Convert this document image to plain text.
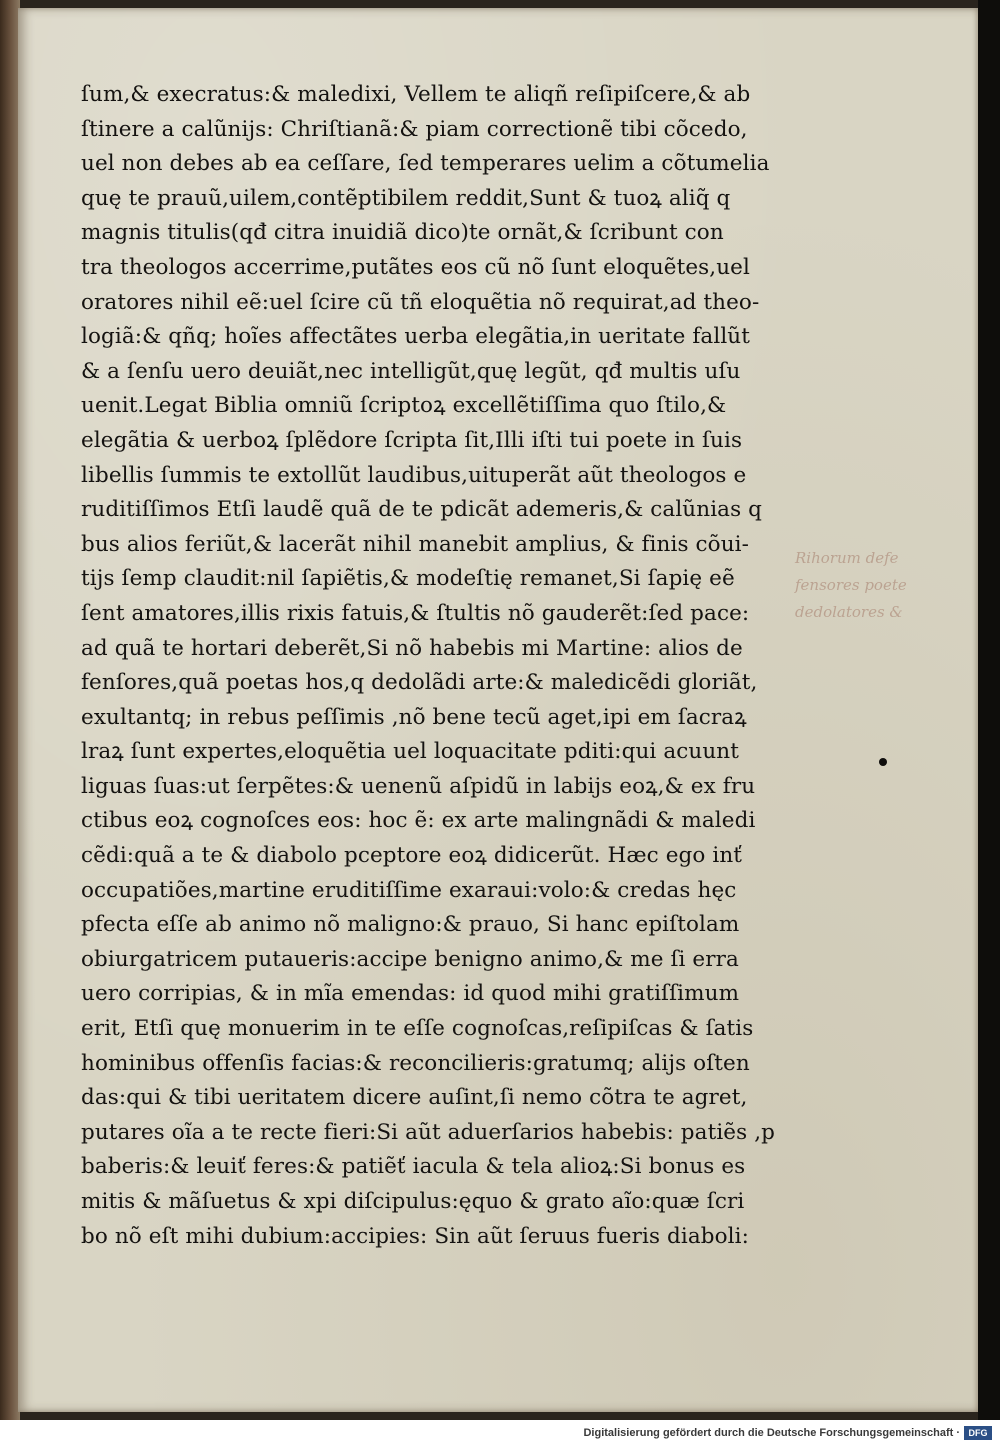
ſum,& execratus:& maledixi, Vellem te aliqñ reſipiſcere,& ab
ſtinere a calũnijs: Chriſtianã:& piam correctionẽ tibi cõcedo,
uel non debes ab ea ceſſare, ſed temperares uelim a cõtumelia
quę te prauũ,uilem,contẽptibilem reddit,Sunt & tuoꝝ aliq̃ q
magnis titulis(qđ citra inuidiã dico)te ornãt,& ſcribunt con
tra theologos accerrime,putãtes eos cũ nõ ſunt eloquẽtes,uel
oratores nihil eẽ:uel ſcire cũ tñ eloquẽtia nõ requirat,ad theo-
logiã:& qñq; hoĩes affectãtes uerba elegãtia,in ueritate fallũt
& a ſenſu uero deuiãt,nec intelligũt,quę legũt, qđ multis uſu
uenit.Legat Biblia omniũ ſcriptoꝝ excellẽtiſſima quo ſtilo,&
elegãtia & uerboꝝ ſplẽdore ſcripta ſit,Illi iſti tui poete in ſuis
libellis ſummis te extollũt laudibus,uituperãt aũt theologos e
ruditiſſimos Etſi laudẽ quã de te pdicãt ademeris,& calũnias q
bus alios feriũt,& lacerãt nihil manebit amplius, & finis cõui-
tijs ſemp claudit:nil ſapiẽtis,& modeſtię remanet,Si ſapię eẽ
ſent amatores,illis rixis fatuis,& ſtultis nõ gauderẽt:ſed pace:
ad quã te hortari deberẽt,Si nõ habebis mi Martine: alios de
fenſores,quã poetas hos,q dedolãdi arte:& maledicẽdi gloriãt,
exultantq; in rebus peſſimis ,nõ bene tecũ aget,ipi em ſacraꝝ
lraꝝ ſunt expertes,eloquẽtia uel loquacitate pditi:qui acuunt
liguas ſuas:ut ſerpẽtes:& uenenũ aſpidũ in labijs eoꝝ,& ex fru
ctibus eoꝝ cognoſces eos: hoc ẽ: ex arte malingnãdi & maledi
cẽdi:quã a te & diabolo pceptore eoꝝ didicerũt. Hæc ego inť
occupatiões,martine eruditiſſime exaraui:volo:& credas hęc
pfecta eſſe ab animo nõ maligno:& prauo, Si hanc epiſtolam
obiurgatricem putaueris:accipe benigno animo,& me ſi erra
uero corripias, & in mĩa emendas: id quod mihi gratiſſimum
erit, Etſi quę monuerim in te eſſe cognoſcas,reſipiſcas & ſatis
hominibus offenſis facias:& reconcilieris:gratumq; alijs oſten
das:qui & tibi ueritatem dicere auſint,ſi nemo cõtra te agret,
putares oĩa a te recte fieri:Si aũt aduerſarios habebis: patiẽs ,p
baberis:& leuiť feres:& patiẽť iacula & tela alioꝝ:Si bonus es
mitis & mãſuetus & xpi diſcipulus:ęquo & grato aĩo:quæ ſcri
bo nõ eſt mihi dubium:accipies: Sin aũt ſeruus fueris diaboli:
Rihorum defe
fensores poete
dedolatores &
Digitalisierung gefördert durch die Deutsche Forschungsgemeinschaft · DFG
